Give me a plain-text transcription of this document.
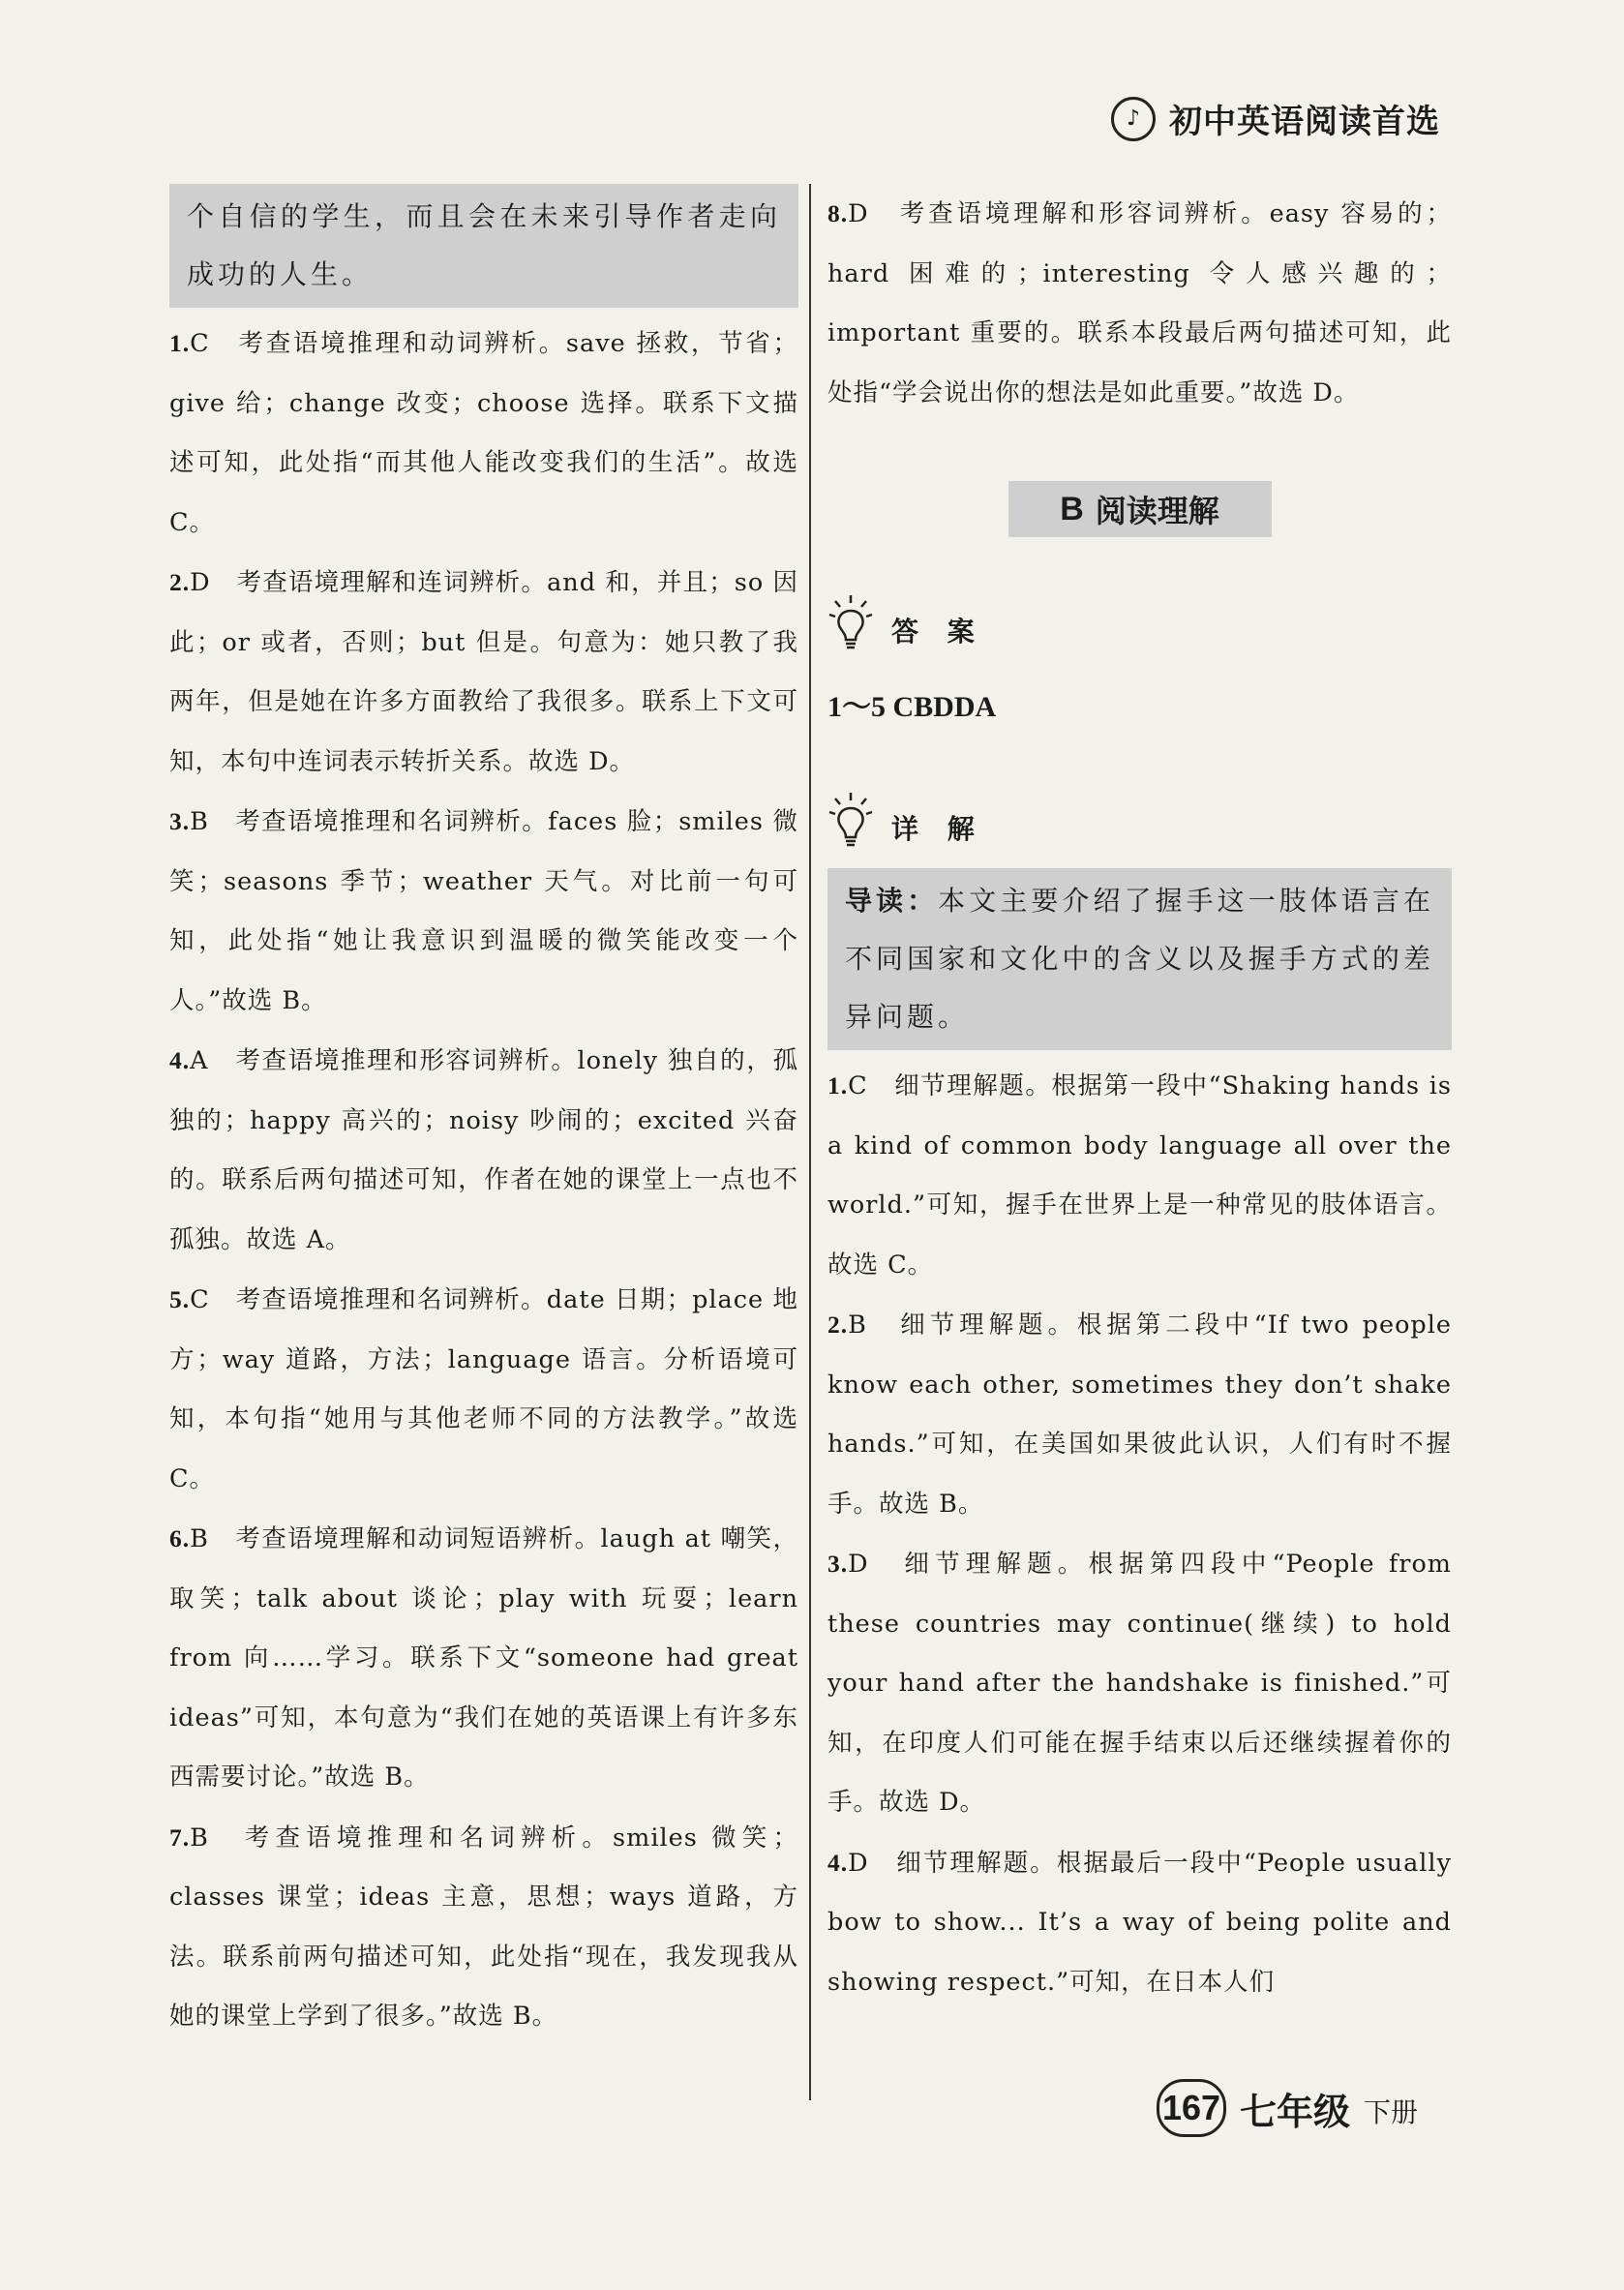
♪ 初中英语阅读首选
个自信的学生，而且会在未来引导作者走向成功的人生。

1.C　考查语境推理和动词辨析。save 拯救，节省；give 给；change 改变；choose 选择。联系下文描述可知，此处指“而其他人能改变我们的生活”。故选 C。

2.D　考查语境理解和连词辨析。and 和，并且；so 因此；or 或者，否则；but 但是。句意为：她只教了我两年，但是她在许多方面教给了我很多。联系上下文可知，本句中连词表示转折关系。故选 D。

3.B　考查语境推理和名词辨析。faces 脸；smiles 微笑；seasons 季节；weather 天气。对比前一句可知，此处指“她让我意识到温暖的微笑能改变一个人。”故选 B。

4.A　考查语境推理和形容词辨析。lonely 独自的，孤独的；happy 高兴的；noisy 吵闹的；excited 兴奋的。联系后两句描述可知，作者在她的课堂上一点也不孤独。故选 A。

5.C　考查语境推理和名词辨析。date 日期；place 地方；way 道路，方法；language 语言。分析语境可知，本句指“她用与其他老师不同的方法教学。”故选 C。

6.B　考查语境理解和动词短语辨析。laugh at 嘲笑，取笑；talk about 谈论；play with 玩耍；learn from 向……学习。联系下文“someone had great ideas”可知，本句意为“我们在她的英语课上有许多东西需要讨论。”故选 B。

7.B　考查语境推理和名词辨析。smiles 微笑；classes 课堂；ideas 主意，思想；ways 道路，方法。联系前两句描述可知，此处指“现在，我发现我从她的课堂上学到了很多。”故选 B。

8.D　考查语境理解和形容词辨析。easy 容易的；hard 困难的；interesting 令人感兴趣的；important 重要的。联系本段最后两句描述可知，此处指“学会说出你的想法是如此重要。”故选 D。

B 阅读理解
答 案
1～5 CBDDA
详 解
导读：本文主要介绍了握手这一肢体语言在不同国家和文化中的含义以及握手方式的差异问题。

1.C　细节理解题。根据第一段中“Shaking hands is a kind of common body language all over the world.”可知，握手在世界上是一种常见的肢体语言。故选 C。

2.B　细节理解题。根据第二段中“If two people know each other, sometimes they don’t shake hands.”可知，在美国如果彼此认识，人们有时不握手。故选 B。

3.D　细节理解题。根据第四段中“People from these countries may continue(继续) to hold your hand after the handshake is finished.”可知，在印度人们可能在握手结束以后还继续握着你的手。故选 D。

4.D　细节理解题。根据最后一段中“People usually bow to show... It’s a way of being polite and showing respect.”可知，在日本人们

167 七年级 下册
